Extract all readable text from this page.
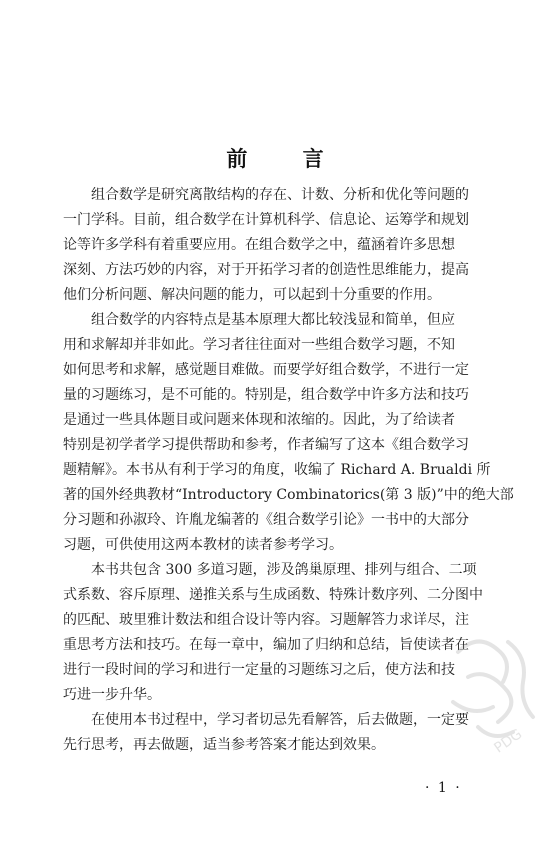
前 言
组合数学是研究离散结构的存在、计数、分析和优化等问题的
一门学科。目前，组合数学在计算机科学、信息论、运筹学和规划
论等许多学科有着重要应用。在组合数学之中，蕴涵着许多思想
深刻、方法巧妙的内容，对于开拓学习者的创造性思维能力，提高
他们分析问题、解决问题的能力，可以起到十分重要的作用。
组合数学的内容特点是基本原理大都比较浅显和简单，但应
用和求解却并非如此。学习者往往面对一些组合数学习题，不知
如何思考和求解，感觉题目难做。而要学好组合数学，不进行一定
量的习题练习，是不可能的。特别是，组合数学中许多方法和技巧
是通过一些具体题目或问题来体现和浓缩的。因此，为了给读者
特别是初学者学习提供帮助和参考，作者编写了这本《组合数学习
题精解》。本书从有利于学习的角度，收编了 Richard A. Brualdi 所
著的国外经典教材“Introductory Combinatorics(第 3 版)”中的绝大部
分习题和孙淑玲、许胤龙编著的《组合数学引论》一书中的大部分
习题，可供使用这两本教材的读者参考学习。
本书共包含 300 多道习题，涉及鸽巢原理、排列与组合、二项
式系数、容斥原理、递推关系与生成函数、特殊计数序列、二分图中
的匹配、玻里雅计数法和组合设计等内容。习题解答力求详尽，注
重思考方法和技巧。在每一章中，编加了归纳和总结，旨使读者在
进行一段时间的学习和进行一定量的习题练习之后，使方法和技
巧进一步升华。
在使用本书过程中，学习者切忌先看解答，后去做题，一定要
先行思考，再去做题，适当参考答案才能达到效果。
· 1 ·
PDG
